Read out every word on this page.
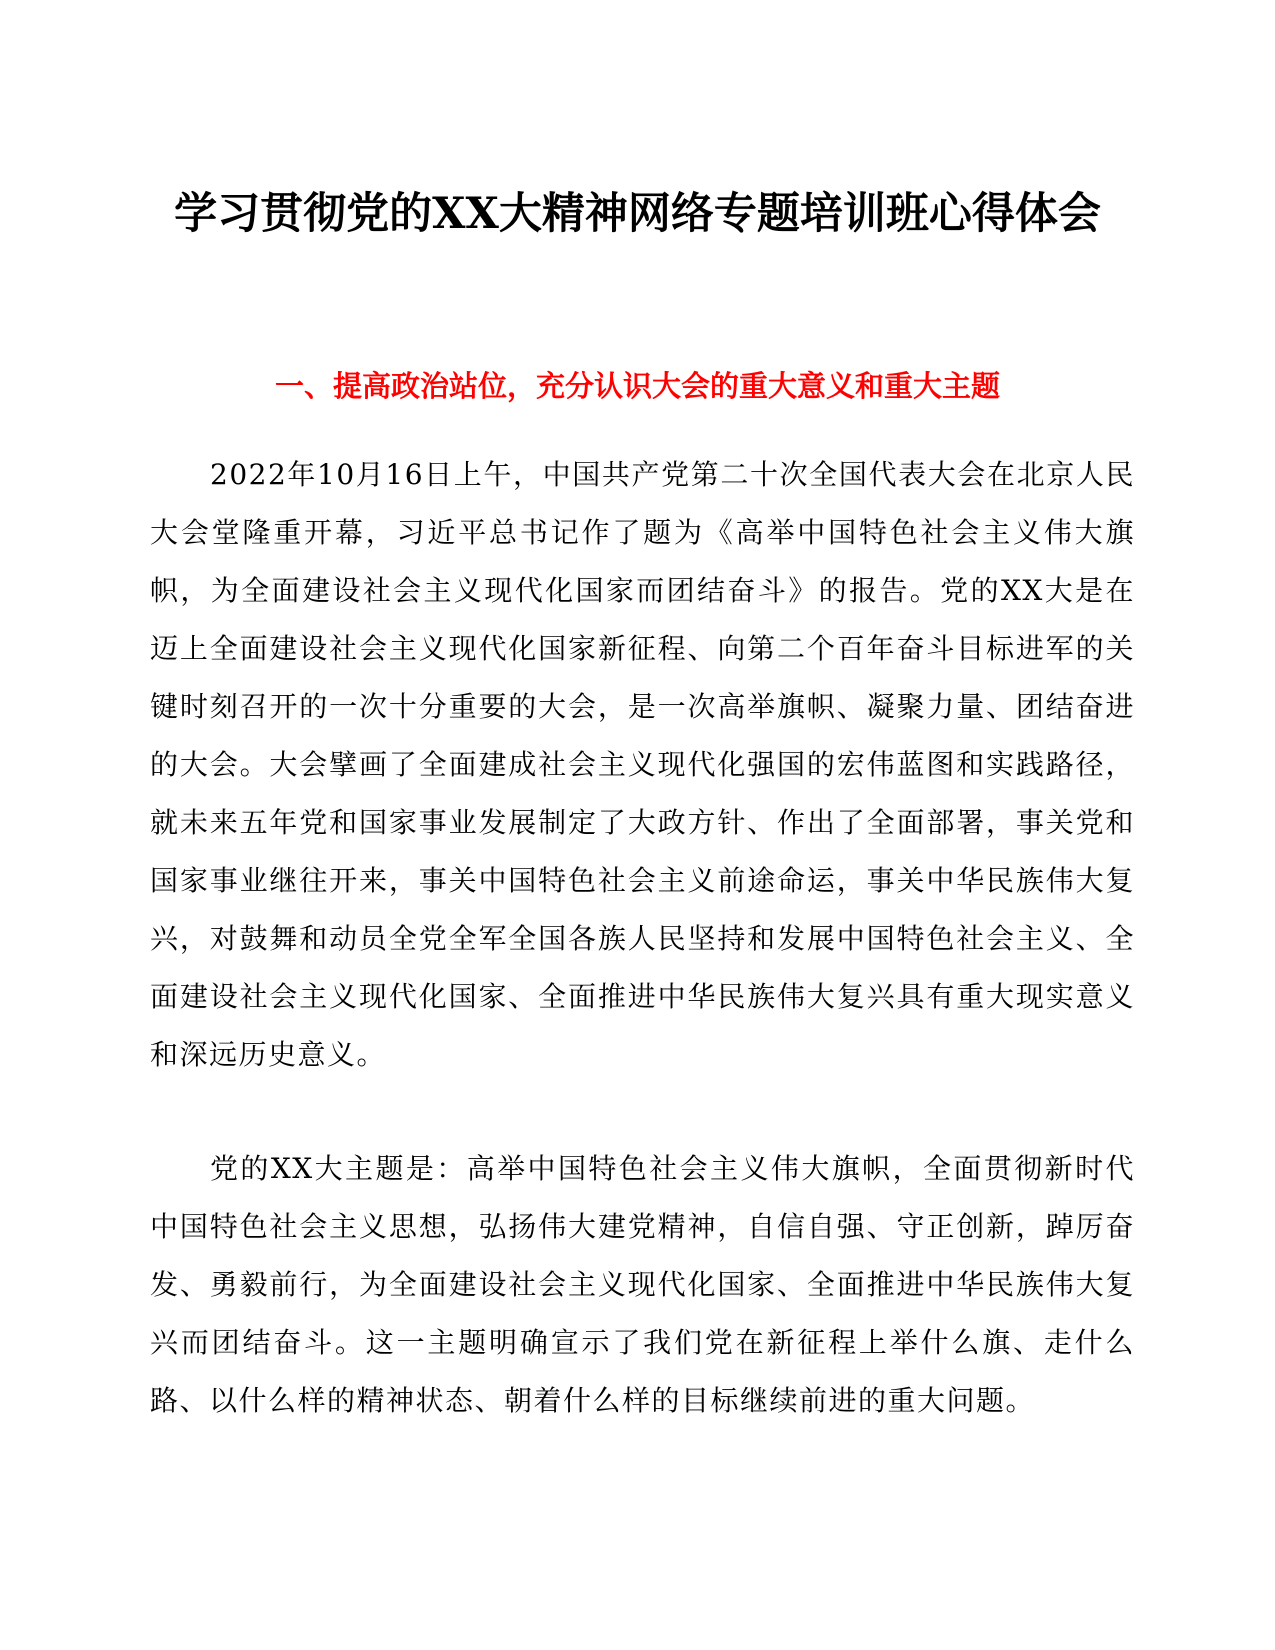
学习贯彻党的XX大精神网络专题培训班心得体会
一、提高政治站位，充分认识大会的重大意义和重大主题

2022年10月16日上午，中国共产党第二十次全国代表大会在北京人民大会堂隆重开幕，习近平总书记作了题为《高举中国特色社会主义伟大旗帜，为全面建设社会主义现代化国家而团结奋斗》的报告。党的XX大是在迈上全面建设社会主义现代化国家新征程、向第二个百年奋斗目标进军的关键时刻召开的一次十分重要的大会，是一次高举旗帜、凝聚力量、团结奋进的大会。大会擘画了全面建成社会主义现代化强国的宏伟蓝图和实践路径，就未来五年党和国家事业发展制定了大政方针、作出了全面部署，事关党和国家事业继往开来，事关中国特色社会主义前途命运，事关中华民族伟大复兴，对鼓舞和动员全党全军全国各族人民坚持和发展中国特色社会主义、全面建设社会主义现代化国家、全面推进中华民族伟大复兴具有重大现实意义和深远历史意义。

党的XX大主题是：高举中国特色社会主义伟大旗帜，全面贯彻新时代中国特色社会主义思想，弘扬伟大建党精神，自信自强、守正创新，踔厉奋发、勇毅前行，为全面建设社会主义现代化国家、全面推进中华民族伟大复兴而团结奋斗。这一主题明确宣示了我们党在新征程上举什么旗、走什么路、以什么样的精神状态、朝着什么样的目标继续前进的重大问题。
